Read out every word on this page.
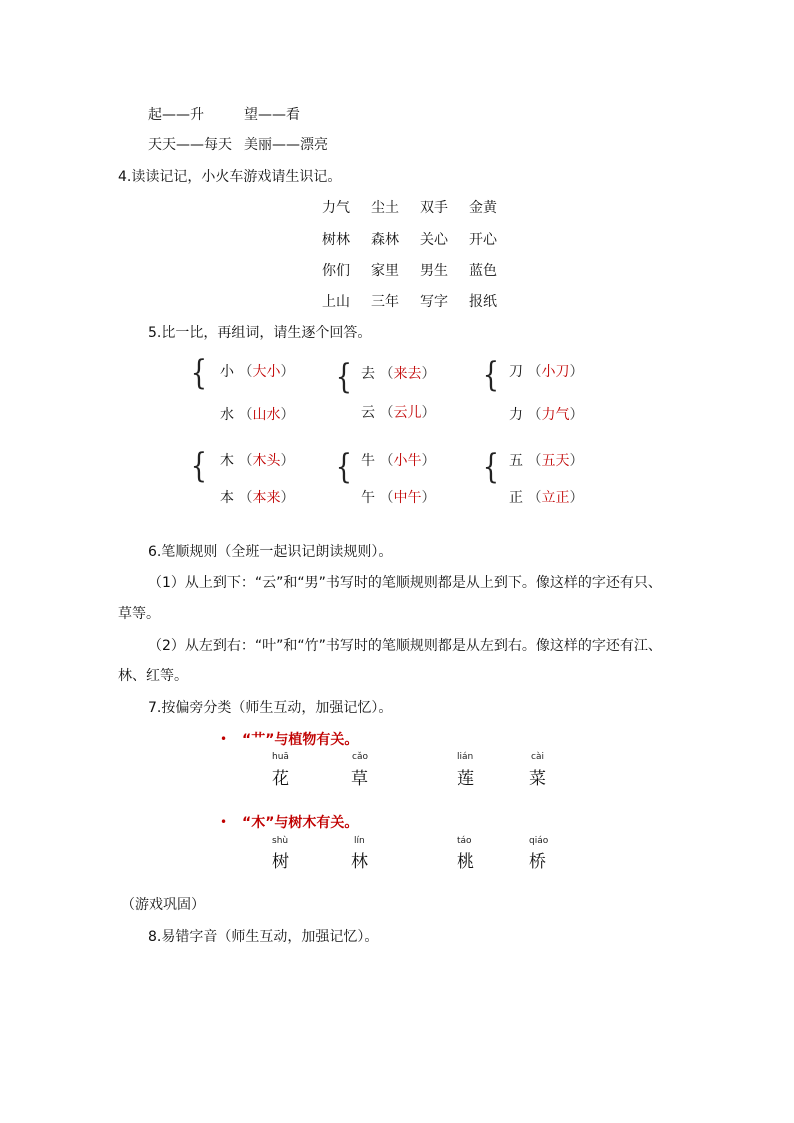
起——升	望——看
天天——每天 美丽——漂亮
4.读读记记，小火车游戏请生识记。
力气 尘土 双手 金黄
树林 森林 关心 开心
你们 家里 男生 蓝色
上山 三年 写字 报纸
5.比一比，再组词，请生逐个回答。
{ 小 （大小）
水 （山水）
{ 去 （来去）
云 （云儿）
{ 刀 （小刀）
力 （力气）
{ 木 （木头）
本 （本来）
{ 牛 （小牛）
午 （中午）
{ 五 （五天）
正 （立正）
6.笔顺规则（全班一起识记朗读规则）。
（1）从上到下：“云”和“男”书写时的笔顺规则都是从上到下。像这样的字还有只、
草等。
（2）从左到右：“叶”和“竹”书写时的笔顺规则都是从左到右。像这样的字还有江、
林、红等。
7.按偏旁分类（师生互动，加强记忆）。
• “艹”与植物有关。
huā
花
cǎo
草
lián
莲
cài
菜
• “木”与树木有关。
shù
树
lín
林
táo
桃
qiáo
桥
（游戏巩固）
8.易错字音（师生互动，加强记忆）。
